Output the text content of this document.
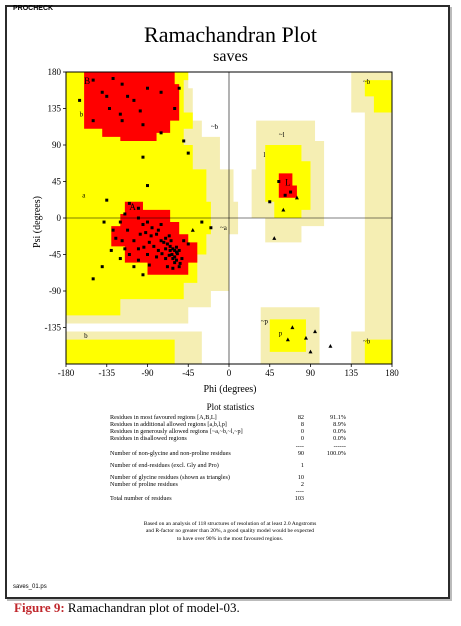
PROCHECK
Ramachandran Plot
saves
-180	-135	-90	-45	0	45	90	135	180
180
135
90
45
0
-45
-90
-135
B
b
~b
l
~l
L
a
A
~a
~b
~p
p
b
~b
Phi (degrees)
Psi (degrees)
Plot statistics
Residues in most favoured regions [A,B,L]	82	91.1%
Residues in additional allowed regions [a,b,l,p]	8	8.9%
Residues in generously allowed regions [~a,~b,~l,~p]	0	0.0%
Residues in disallowed regions	0	0.0%
----	------
Number of non-glycine and non-proline residues	90	100.0%
Number of end-residues (excl. Gly and Pro)	1
Number of glycine residues (shown as triangles)	10
Number of proline residues	2
----
Total number of residues	103
Based on an analysis of 118 structures of resolution of at least 2.0 Angstroms
and R-factor no greater than 20%, a good quality model would be expected
to have over 90% in the most favoured regions.
saves_01.ps
Figure 9: Ramachandran plot of model-03.
